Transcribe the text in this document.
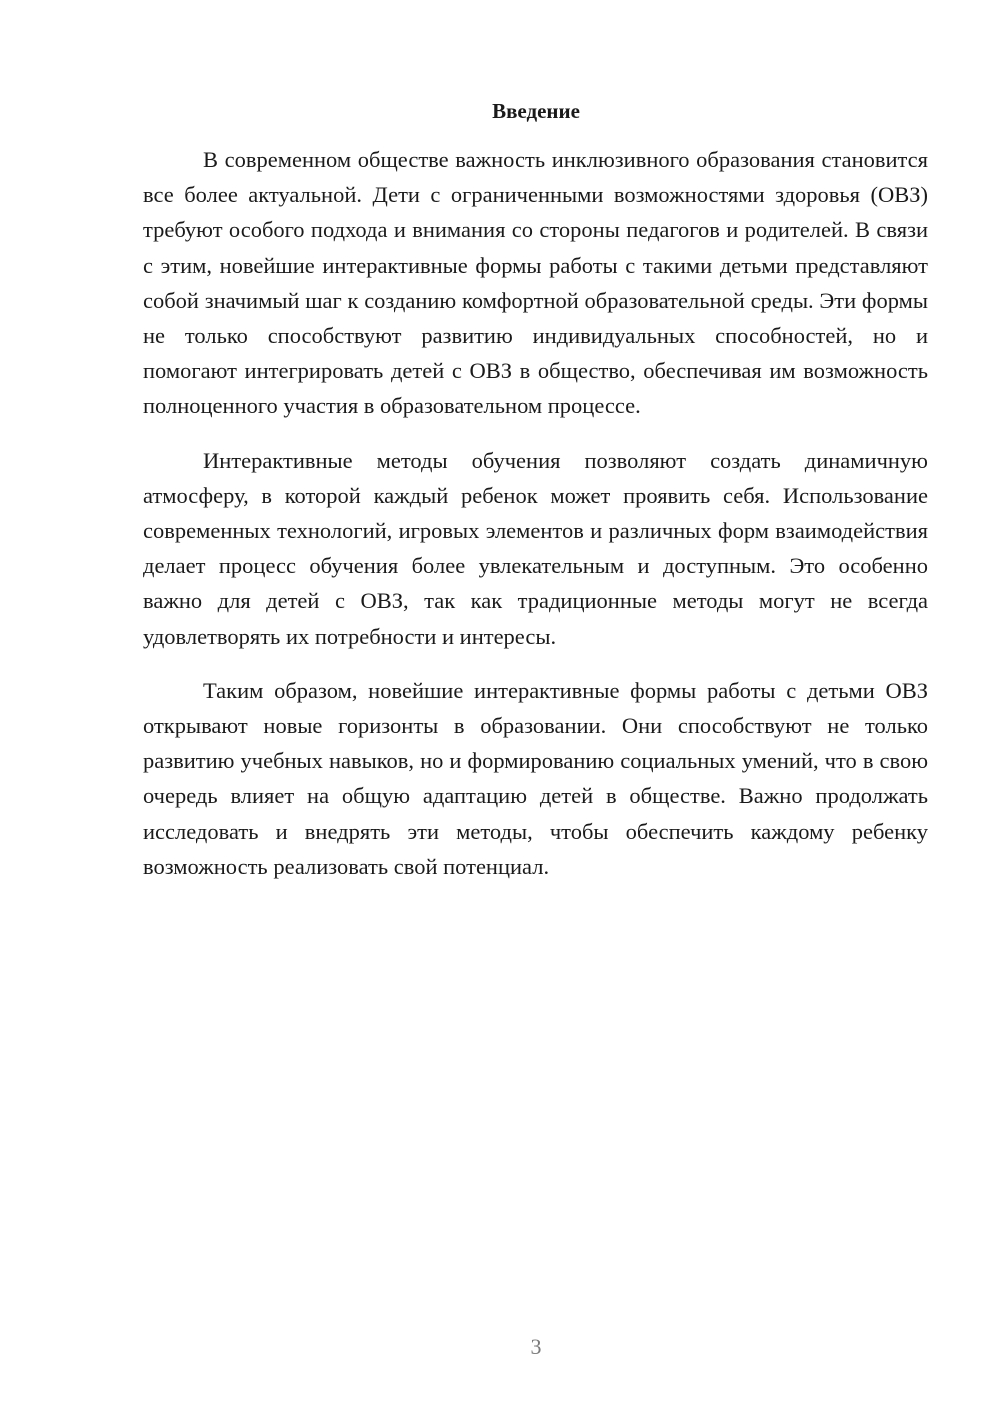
Введение

В современном обществе важность инклюзивного образования становится все более актуальной. Дети с ограниченными возможностями здоровья (ОВЗ) требуют особого подхода и внимания со стороны педагогов и родителей. В связи с этим, новейшие интерактивные формы работы с такими детьми представляют собой значимый шаг к созданию комфортной образовательной среды. Эти формы не только способствуют развитию индивидуальных способностей, но и помогают интегрировать детей с ОВЗ в общество, обеспечивая им возможность полноценного участия в образовательном процессе.

Интерактивные методы обучения позволяют создать динамичную атмосферу, в которой каждый ребенок может проявить себя. Использование современных технологий, игровых элементов и различных форм взаимодействия делает процесс обучения более увлекательным и доступным. Это особенно важно для детей с ОВЗ, так как традиционные методы могут не всегда удовлетворять их потребности и интересы.

Таким образом, новейшие интерактивные формы работы с детьми ОВЗ открывают новые горизонты в образовании. Они способствуют не только развитию учебных навыков, но и формированию социальных умений, что в свою очередь влияет на общую адаптацию детей в обществе. Важно продолжать исследовать и внедрять эти методы, чтобы обеспечить каждому ребенку возможность реализовать свой потенциал.

3
